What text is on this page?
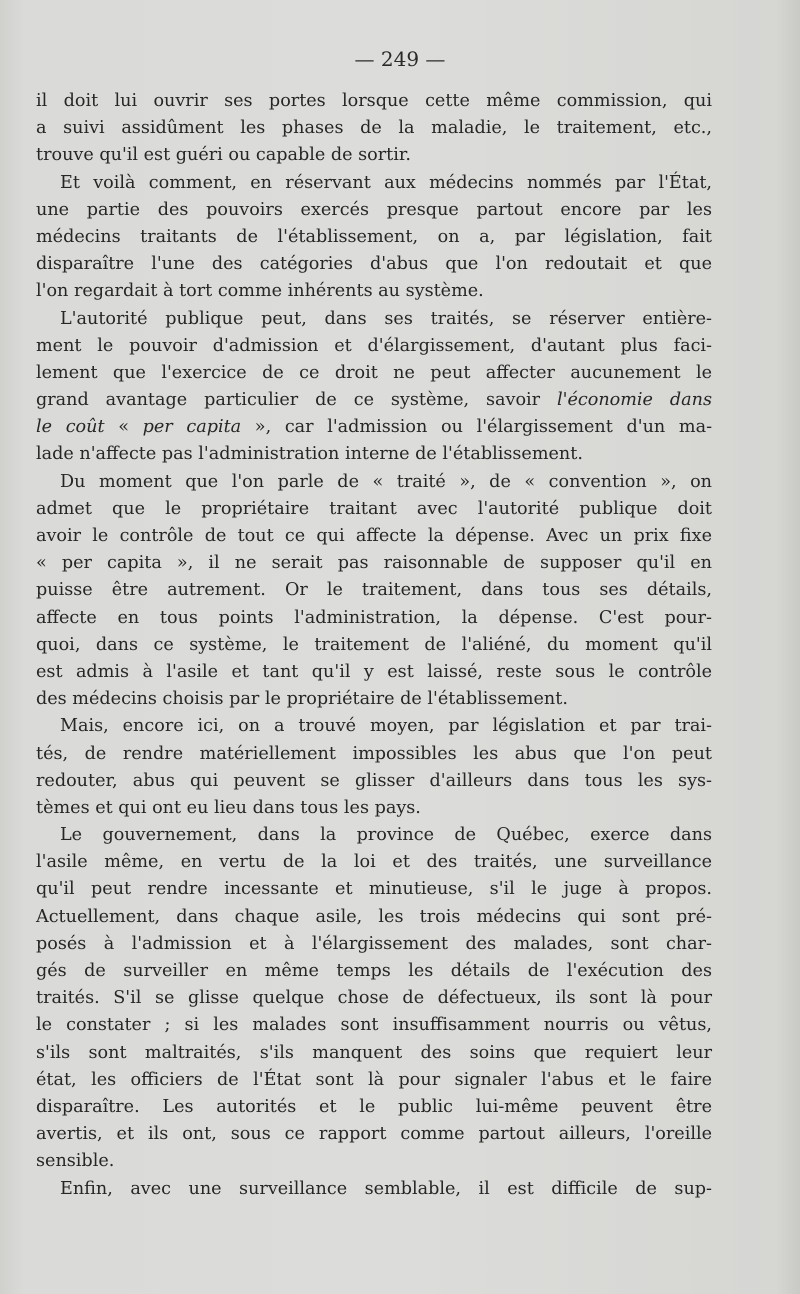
— 249 —
il doit lui ouvrir ses portes lorsque cette même commission, qui
a suivi assidûment les phases de la maladie, le traitement, etc.,
trouve qu'il est guéri ou capable de sortir.
Et voilà comment, en réservant aux médecins nommés par l'État,
une partie des pouvoirs exercés presque partout encore par les
médecins traitants de l'établissement, on a, par législation, fait
disparaître l'une des catégories d'abus que l'on redoutait et que
l'on regardait à tort comme inhérents au système.
L'autorité publique peut, dans ses traités, se réserver entière-
ment le pouvoir d'admission et d'élargissement, d'autant plus faci-
lement que l'exercice de ce droit ne peut affecter aucunement le
grand avantage particulier de ce système, savoir l'économie dans
le coût « per capita », car l'admission ou l'élargissement d'un ma-
lade n'affecte pas l'administration interne de l'établissement.
Du moment que l'on parle de « traité », de « convention », on
admet que le propriétaire traitant avec l'autorité publique doit
avoir le contrôle de tout ce qui affecte la dépense. Avec un prix fixe
« per capita », il ne serait pas raisonnable de supposer qu'il en
puisse être autrement. Or le traitement, dans tous ses détails,
affecte en tous points l'administration, la dépense. C'est pour-
quoi, dans ce système, le traitement de l'aliéné, du moment qu'il
est admis à l'asile et tant qu'il y est laissé, reste sous le contrôle
des médecins choisis par le propriétaire de l'établissement.
Mais, encore ici, on a trouvé moyen, par législation et par trai-
tés, de rendre matériellement impossibles les abus que l'on peut
redouter, abus qui peuvent se glisser d'ailleurs dans tous les sys-
tèmes et qui ont eu lieu dans tous les pays.
Le gouvernement, dans la province de Québec, exerce dans
l'asile même, en vertu de la loi et des traités, une surveillance
qu'il peut rendre incessante et minutieuse, s'il le juge à propos.
Actuellement, dans chaque asile, les trois médecins qui sont pré-
posés à l'admission et à l'élargissement des malades, sont char-
gés de surveiller en même temps les détails de l'exécution des
traités. S'il se glisse quelque chose de défectueux, ils sont là pour
le constater ; si les malades sont insuffisamment nourris ou vêtus,
s'ils sont maltraités, s'ils manquent des soins que requiert leur
état, les officiers de l'État sont là pour signaler l'abus et le faire
disparaître. Les autorités et le public lui-même peuvent être
avertis, et ils ont, sous ce rapport comme partout ailleurs, l'oreille
sensible.
Enfin, avec une surveillance semblable, il est difficile de sup-
